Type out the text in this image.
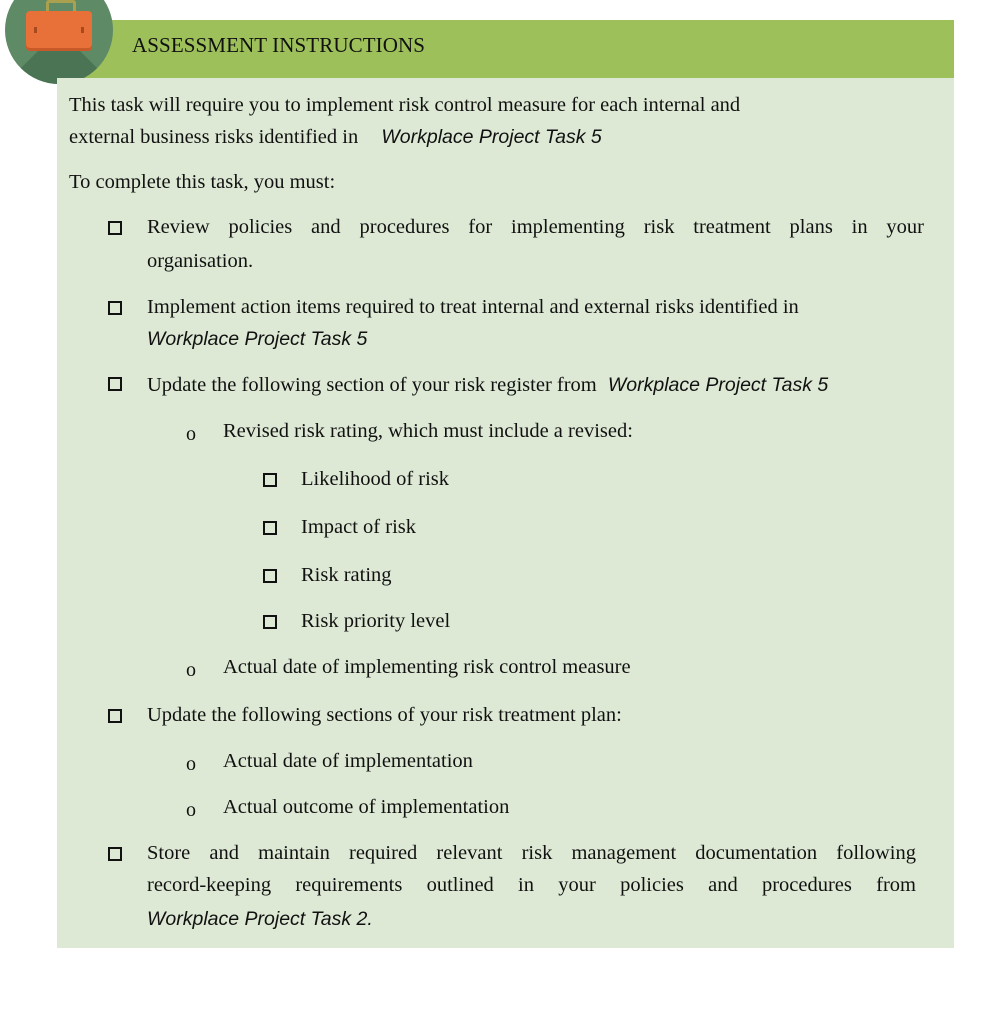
ASSESSMENT INSTRUCTIONS
This task will require you to implement risk control measure for each internal and
external business risks identified in Workplace Project Task 5
To complete this task, you must:
Review policies and procedures for implementing risk treatment plans in your
organisation.
Implement action items required to treat internal and external risks identified in
Workplace Project Task 5
Update the following section of your risk register from Workplace Project Task 5
o Revised risk rating, which must include a revised:
Likelihood of risk
Impact of risk
Risk rating
Risk priority level
o Actual date of implementing risk control measure
Update the following sections of your risk treatment plan:
o Actual date of implementation
o Actual outcome of implementation
Store and maintain required relevant risk management documentation following
record-keeping requirements outlined in your policies and procedures from
Workplace Project Task 2.
